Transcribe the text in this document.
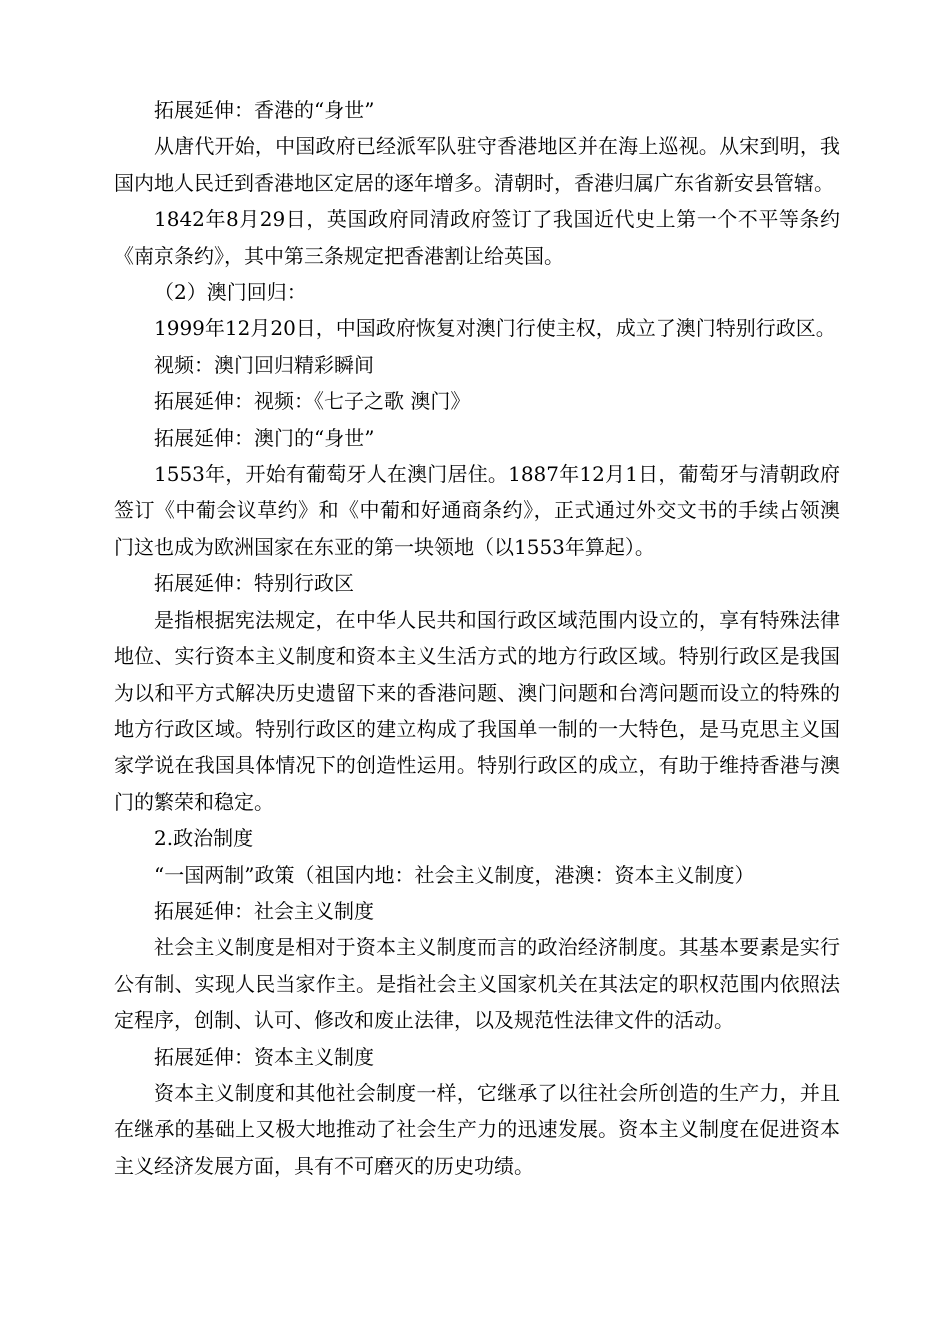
拓展延伸：香港的“身世”

从唐代开始，中国政府已经派军队驻守香港地区并在海上巡视。从宋到明，我国内地人民迁到香港地区定居的逐年增多。清朝时，香港归属广东省新安县管辖。

1842年8月29日，英国政府同清政府签订了我国近代史上第一个不平等条约《南京条约》，其中第三条规定把香港割让给英国。

（2）澳门回归：

1999年12月20日，中国政府恢复对澳门行使主权，成立了澳门特别行政区。

视频：澳门回归精彩瞬间

拓展延伸：视频：《七子之歌 澳门》

拓展延伸：澳门的“身世”

1553年，开始有葡萄牙人在澳门居住。1887年12月1日，葡萄牙与清朝政府签订《中葡会议草约》和《中葡和好通商条约》，正式通过外交文书的手续占领澳门这也成为欧洲国家在东亚的第一块领地（以1553年算起）。

拓展延伸：特别行政区

是指根据宪法规定，在中华人民共和国行政区域范围内设立的，享有特殊法律地位、实行资本主义制度和资本主义生活方式的地方行政区域。特别行政区是我国为以和平方式解决历史遗留下来的香港问题、澳门问题和台湾问题而设立的特殊的地方行政区域。特别行政区的建立构成了我国单一制的一大特色，是马克思主义国家学说在我国具体情况下的创造性运用。特别行政区的成立，有助于维持香港与澳门的繁荣和稳定。

2.政治制度

“一国两制”政策（祖国内地：社会主义制度，港澳：资本主义制度）

拓展延伸：社会主义制度

社会主义制度是相对于资本主义制度而言的政治经济制度。其基本要素是实行公有制、实现人民当家作主。是指社会主义国家机关在其法定的职权范围内依照法定程序，创制、认可、修改和废止法律，以及规范性法律文件的活动。

拓展延伸：资本主义制度

资本主义制度和其他社会制度一样，它继承了以往社会所创造的生产力，并且在继承的基础上又极大地推动了社会生产力的迅速发展。资本主义制度在促进资本主义经济发展方面，具有不可磨灭的历史功绩。
